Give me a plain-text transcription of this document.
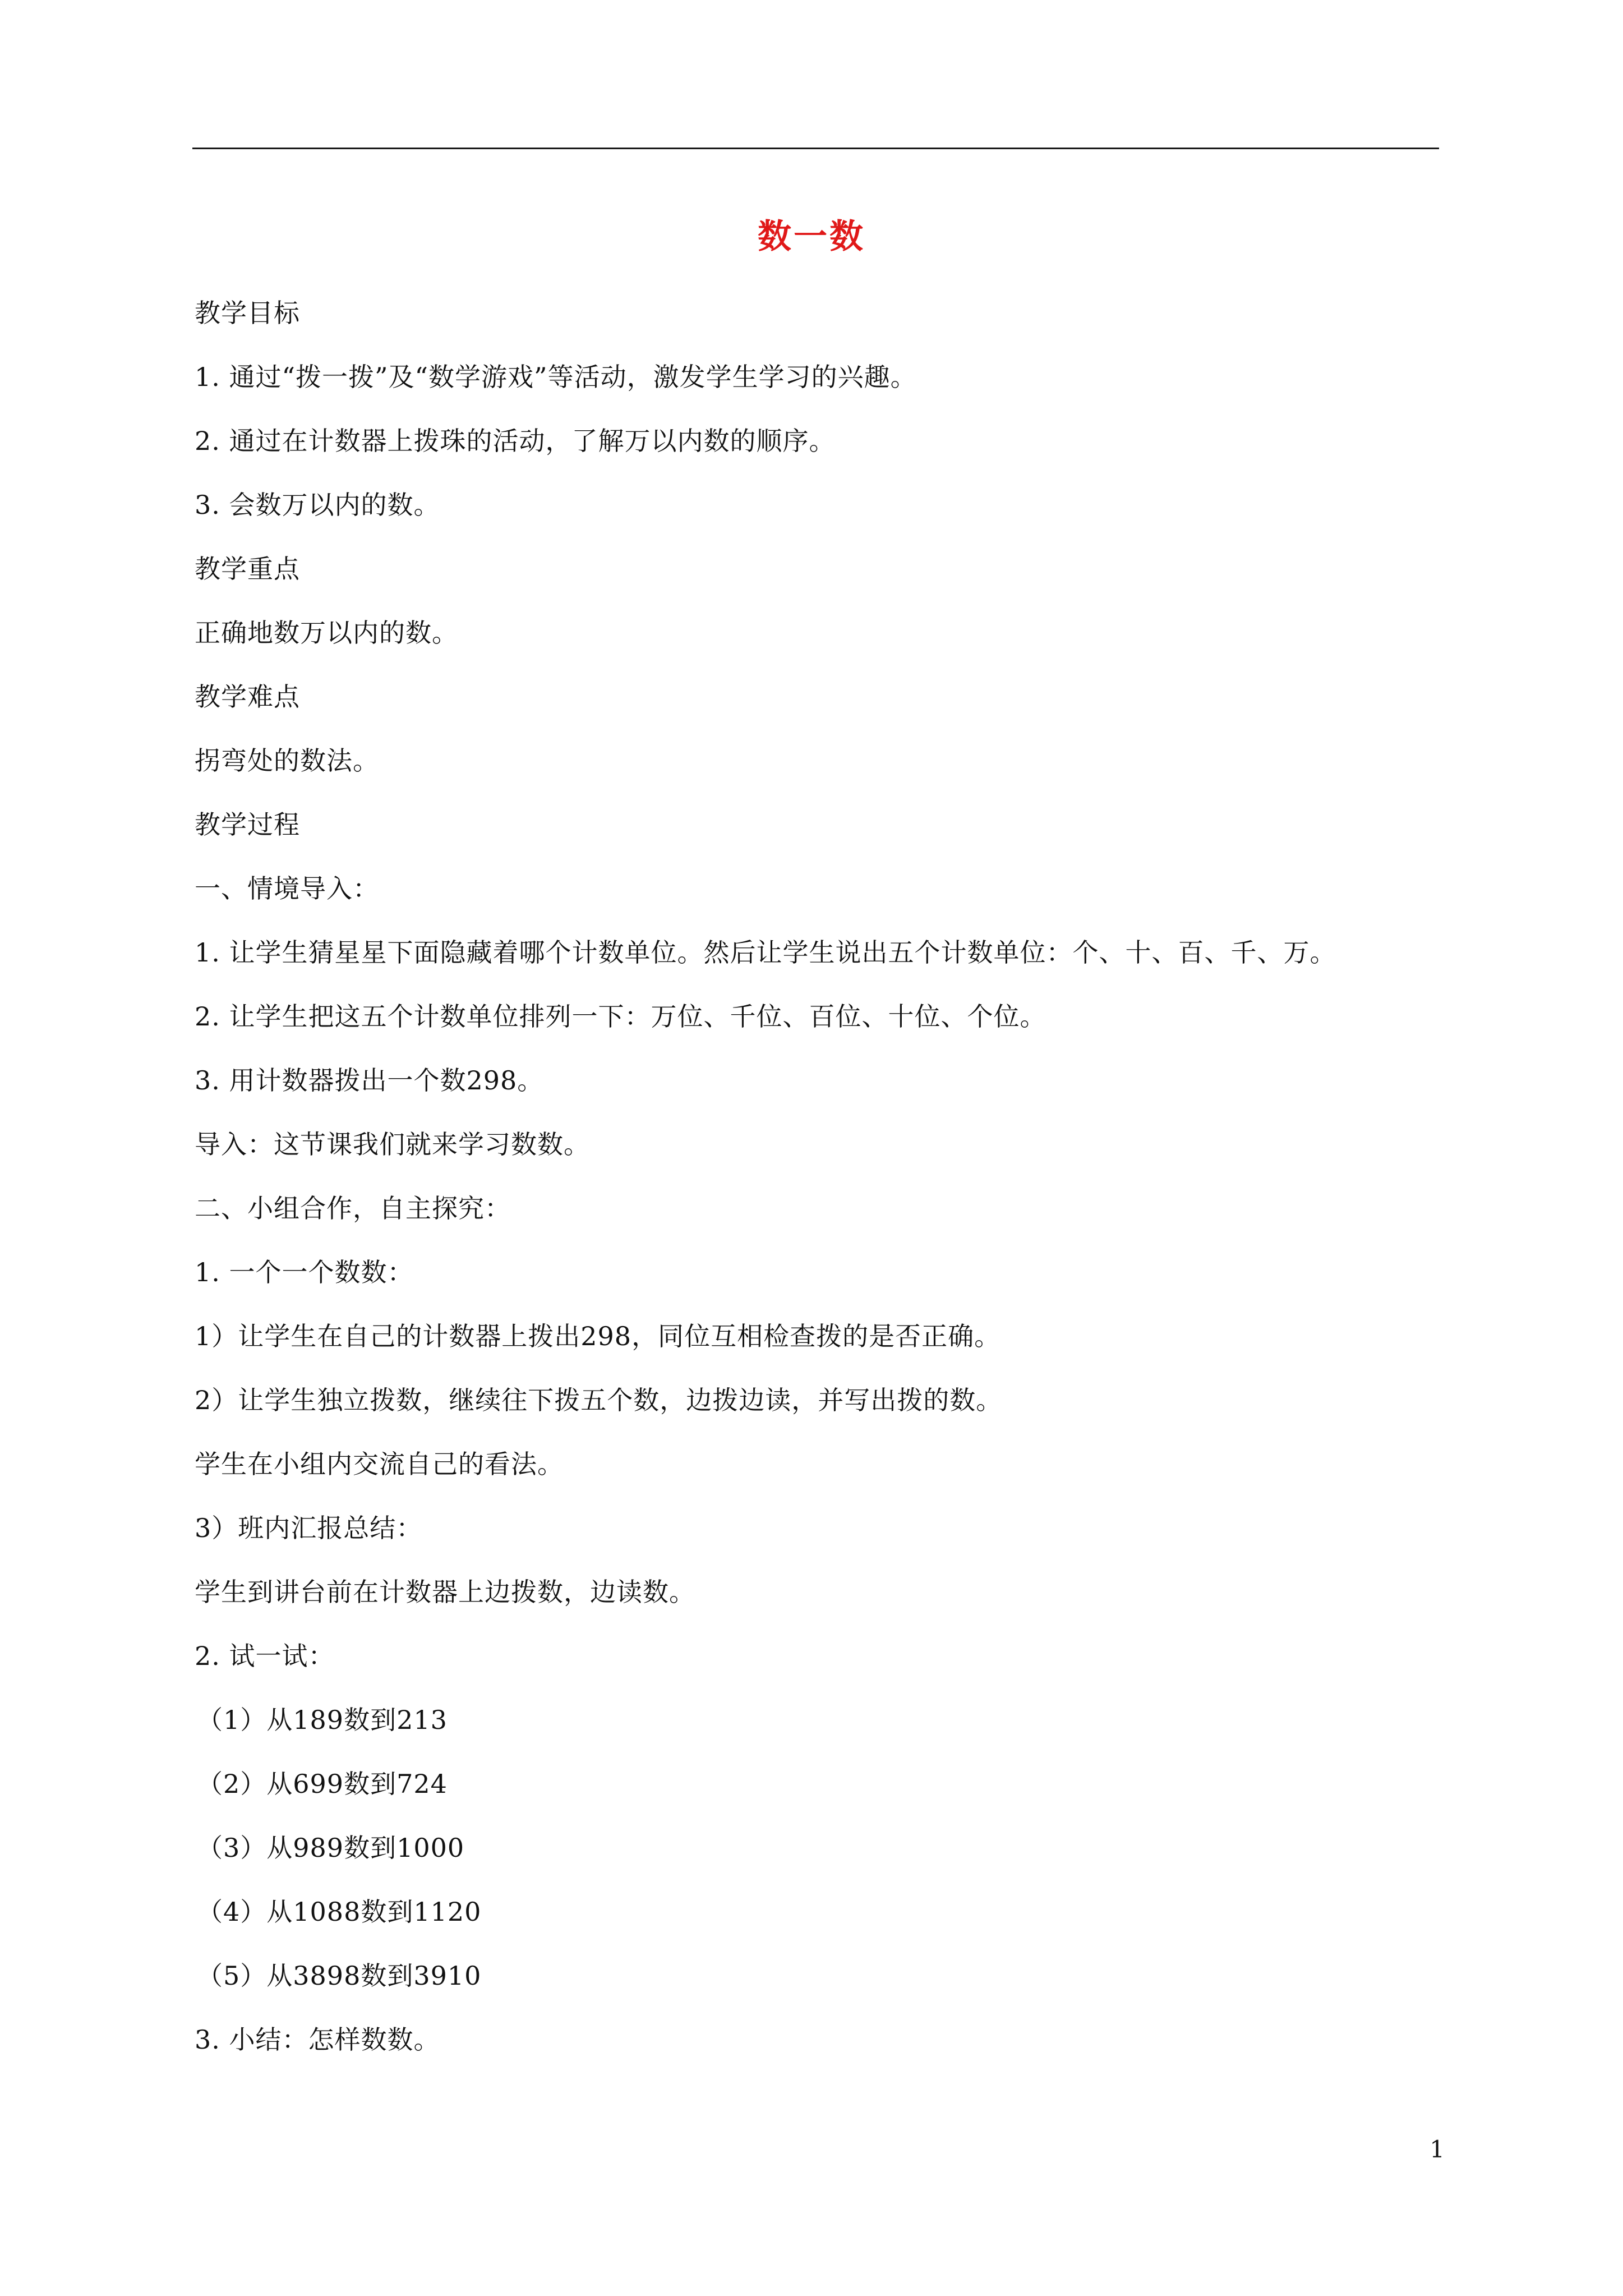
数一数
教学目标
1. 通过“拨一拨”及“数学游戏”等活动，激发学生学习的兴趣。
2. 通过在计数器上拨珠的活动，了解万以内数的顺序。
3. 会数万以内的数。
教学重点
正确地数万以内的数。
教学难点
拐弯处的数法。
教学过程
一、情境导入：
1. 让学生猜星星下面隐藏着哪个计数单位。然后让学生说出五个计数单位：个、十、百、千、万。
2. 让学生把这五个计数单位排列一下：万位、千位、百位、十位、个位。
3. 用计数器拨出一个数298。
导入：这节课我们就来学习数数。
二、小组合作，自主探究：
1. 一个一个数数：
1）让学生在自己的计数器上拨出298，同位互相检查拨的是否正确。
2）让学生独立拨数，继续往下拨五个数，边拨边读，并写出拨的数。
学生在小组内交流自己的看法。
3）班内汇报总结：
学生到讲台前在计数器上边拨数，边读数。
2. 试一试：
（1）从189数到213
（2）从699数到724
（3）从989数到1000
（4）从1088数到1120
（5）从3898数到3910
3. 小结：怎样数数。
1
